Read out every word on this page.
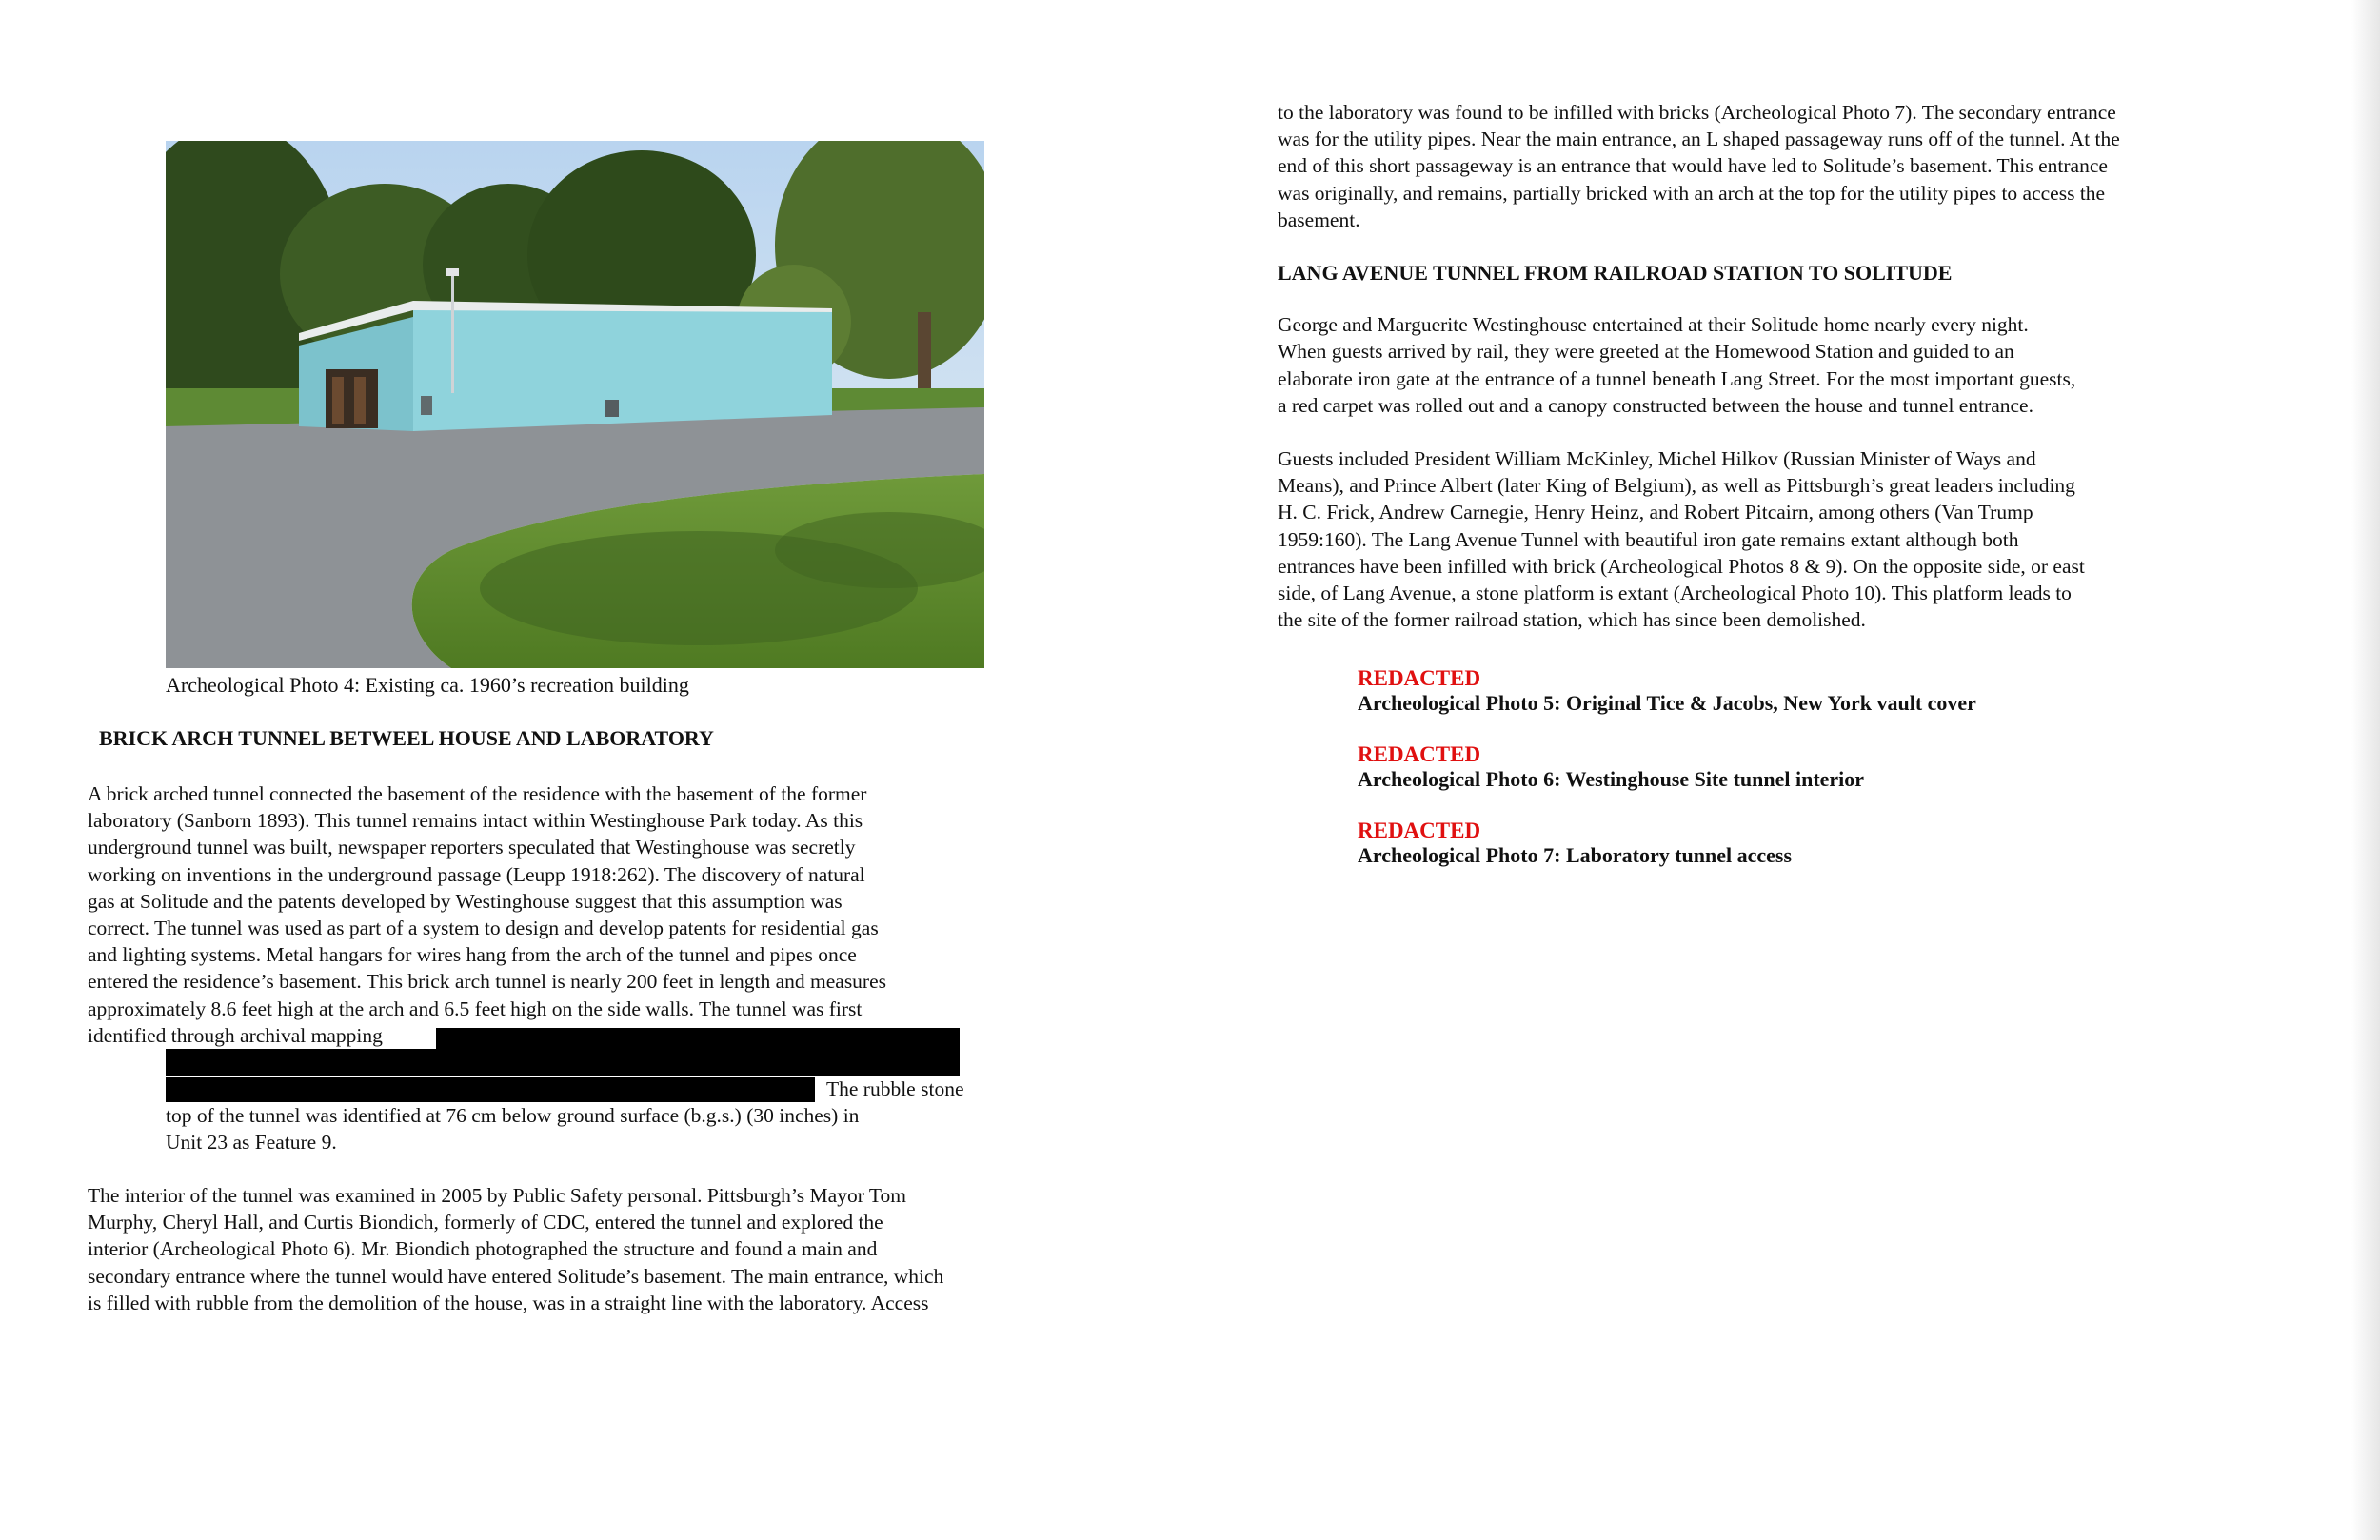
Archeological Photo 4: Existing ca. 1960’s recreation building
BRICK ARCH TUNNEL BETWEEL HOUSE AND LABORATORY
A brick arched tunnel connected the basement of the residence with the basement of the former
laboratory (Sanborn 1893). This tunnel remains intact within Westinghouse Park today. As this
underground tunnel was built, newspaper reporters speculated that Westinghouse was secretly
working on inventions in the underground passage (Leupp 1918:262). The discovery of natural
gas at Solitude and the patents developed by Westinghouse suggest that this assumption was
correct. The tunnel was used as part of a system to design and develop patents for residential gas
and lighting systems. Metal hangars for wires hang from the arch of the tunnel and pipes once
entered the residence’s basement. This brick arch tunnel is nearly 200 feet in length and measures
approximately 8.6 feet high at the arch and 6.5 feet high on the side walls. The tunnel was first
identified through archival mapping
The rubble stone
top of the tunnel was identified at 76 cm below ground surface (b.g.s.) (30 inches) in
Unit 23 as Feature 9.
The interior of the tunnel was examined in 2005 by Public Safety personal. Pittsburgh’s Mayor Tom
Murphy, Cheryl Hall, and Curtis Biondich, formerly of CDC, entered the tunnel and explored the
interior (Archeological Photo 6). Mr. Biondich photographed the structure and found a main and
secondary entrance where the tunnel would have entered Solitude’s basement. The main entrance, which
is filled with rubble from the demolition of the house, was in a straight line with the laboratory. Access
to the laboratory was found to be infilled with bricks (Archeological Photo 7). The secondary entrance
was for the utility pipes. Near the main entrance, an L shaped passageway runs off of the tunnel. At the
end of this short passageway is an entrance that would have led to Solitude’s basement. This entrance
was originally, and remains, partially bricked with an arch at the top for the utility pipes to access the
basement.
LANG AVENUE TUNNEL FROM RAILROAD STATION TO SOLITUDE
George and Marguerite Westinghouse entertained at their Solitude home nearly every night.
When guests arrived by rail, they were greeted at the Homewood Station and guided to an
elaborate iron gate at the entrance of a tunnel beneath Lang Street. For the most important guests,
a red carpet was rolled out and a canopy constructed between the house and tunnel entrance.
Guests included President William McKinley, Michel Hilkov (Russian Minister of Ways and
Means), and Prince Albert (later King of Belgium), as well as Pittsburgh’s great leaders including
H. C. Frick, Andrew Carnegie, Henry Heinz, and Robert Pitcairn, among others (Van Trump
1959:160). The Lang Avenue Tunnel with beautiful iron gate remains extant although both
entrances have been infilled with brick (Archeological Photos 8 & 9). On the opposite side, or east
side, of Lang Avenue, a stone platform is extant (Archeological Photo 10). This platform leads to
the site of the former railroad station, which has since been demolished.
REDACTED
Archeological Photo 5: Original Tice & Jacobs, New York vault cover
REDACTED
Archeological Photo 6: Westinghouse Site tunnel interior
REDACTED
Archeological Photo 7: Laboratory tunnel access
